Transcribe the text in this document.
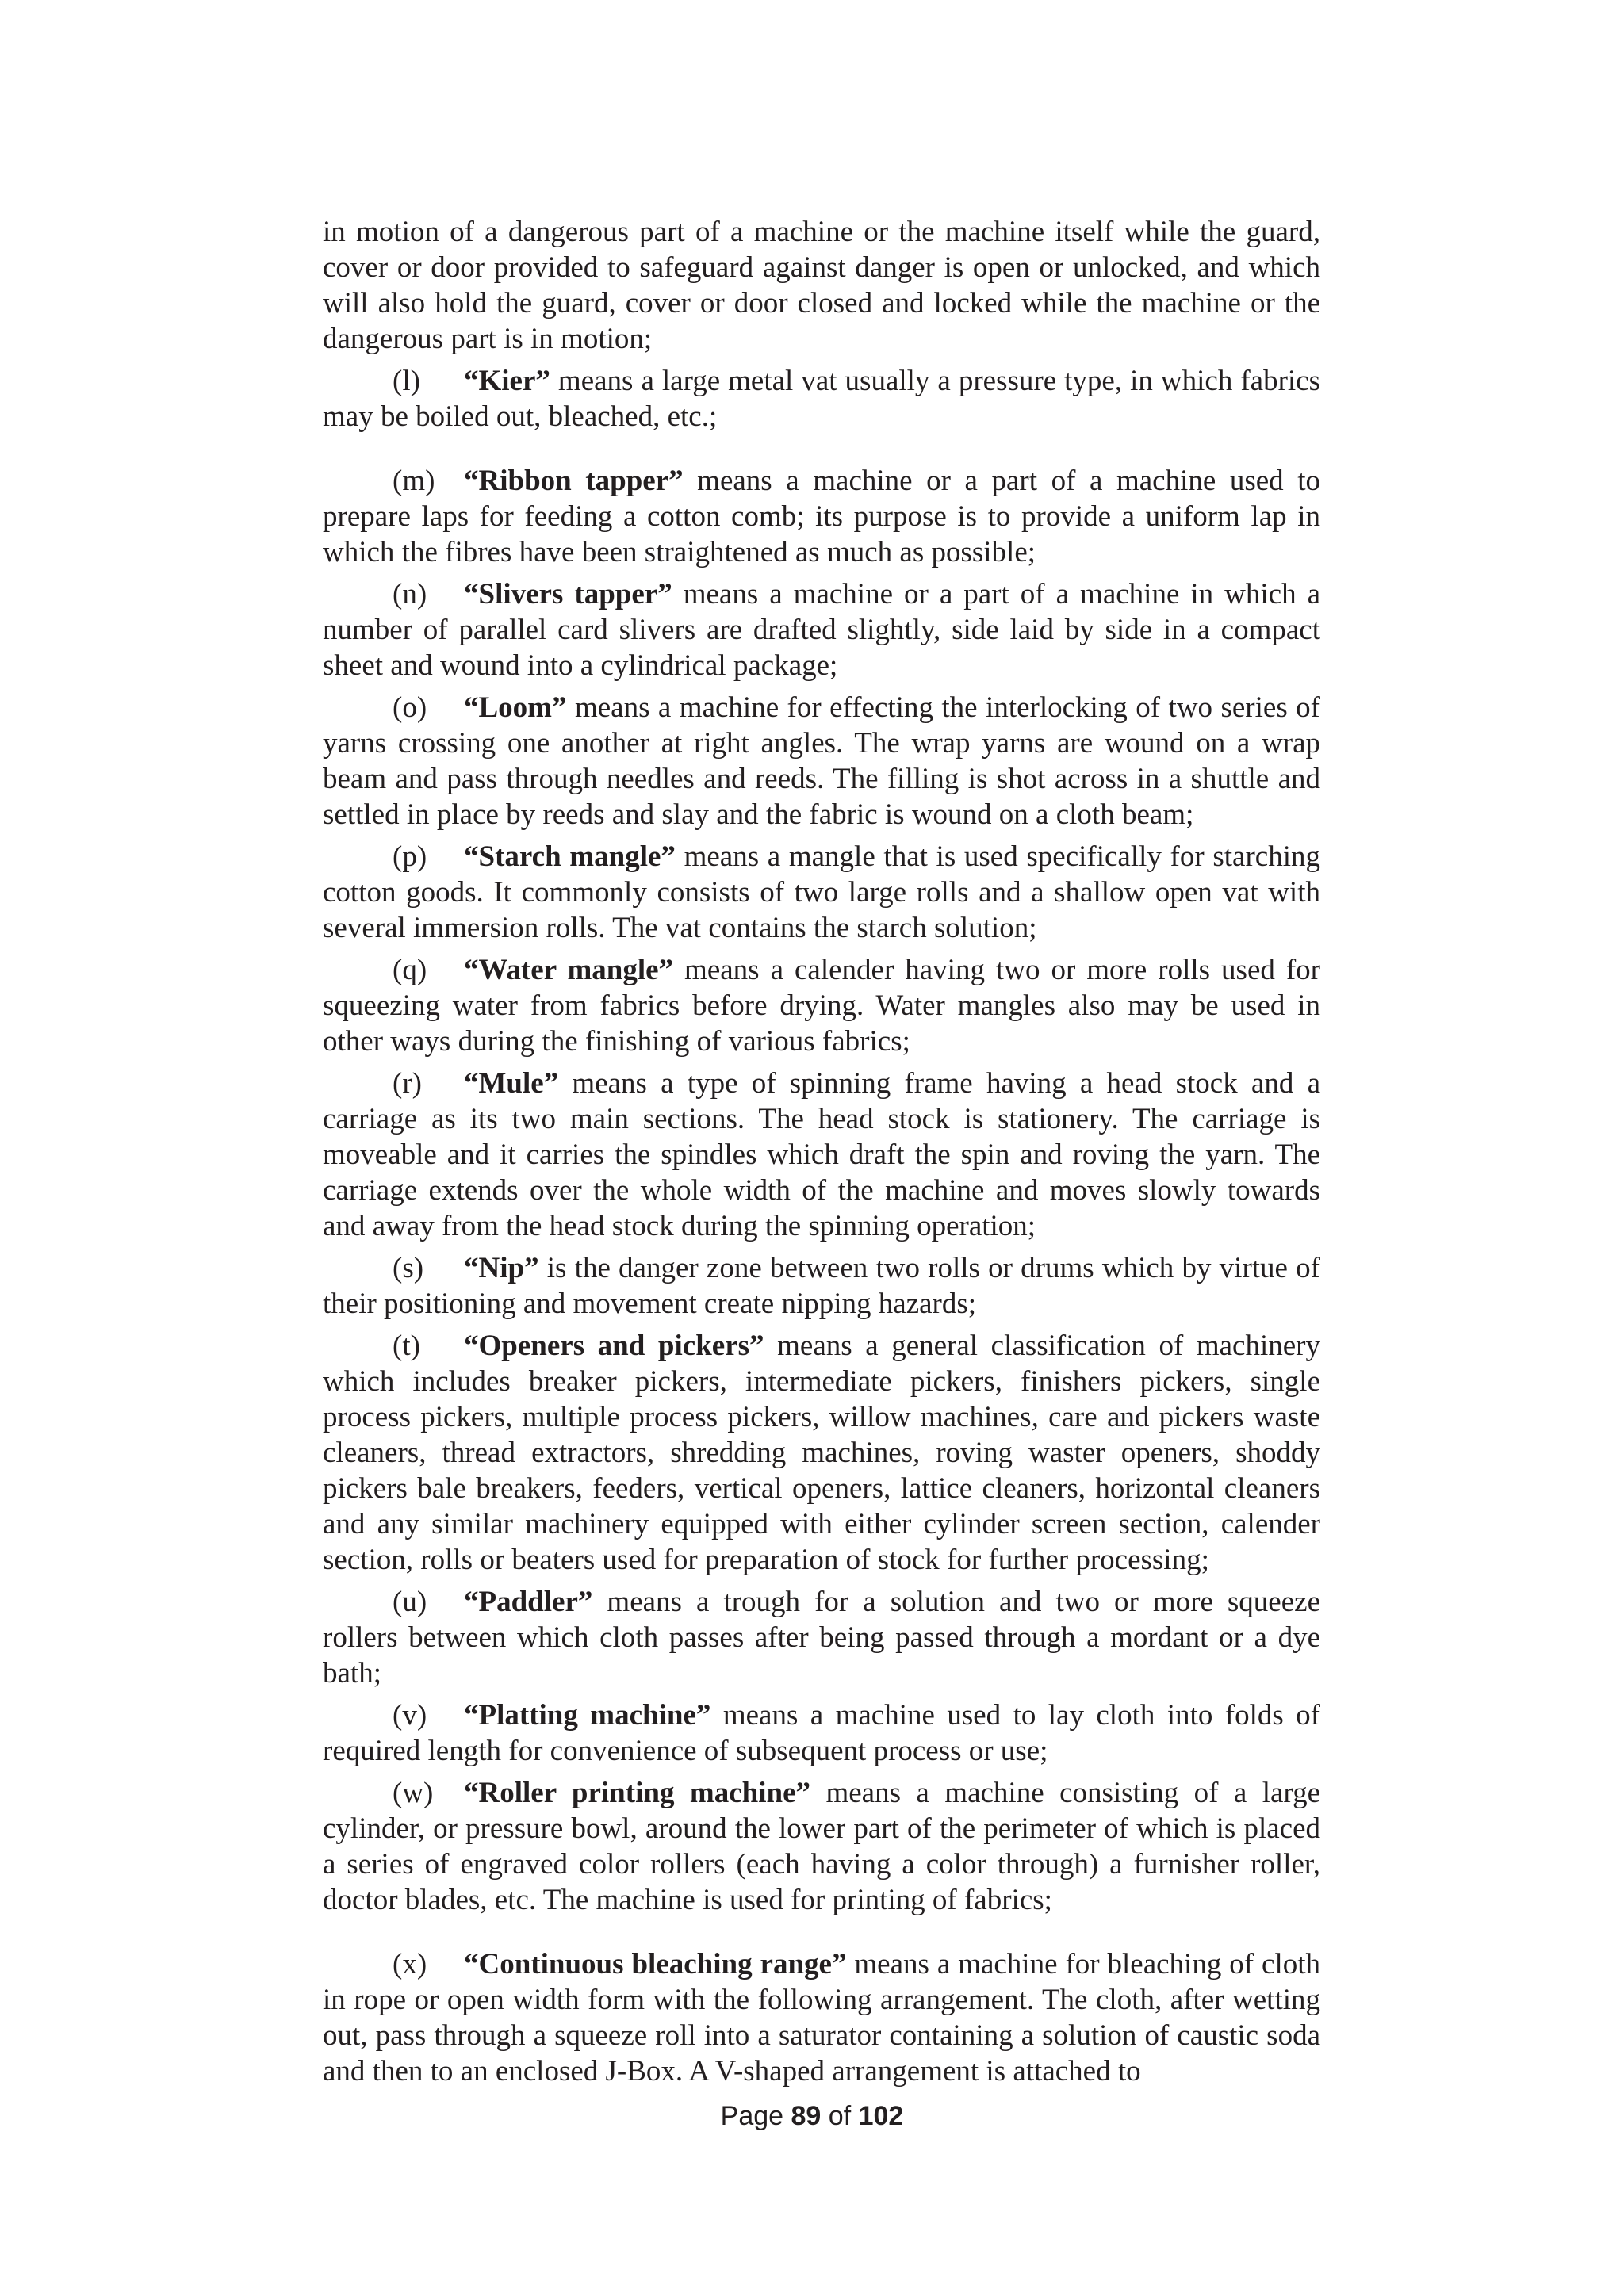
in motion of a dangerous part of a machine or the machine itself while the guard, cover or door provided to safeguard against danger is open or unlocked, and which will also hold the guard, cover or door closed and locked while the machine or the dangerous part is in motion;

(l) “Kier” means a large metal vat usually a pressure type, in which fabrics may be boiled out, bleached, etc.;

(m) “Ribbon tapper” means a machine or a part of a machine used to prepare laps for feeding a cotton comb; its purpose is to provide a uniform lap in which the fibres have been straightened as much as possible;

(n) “Slivers tapper” means a machine or a part of a machine in which a number of parallel card slivers are drafted slightly, side laid by side in a compact sheet and wound into a cylindrical package;

(o) “Loom” means a machine for effecting the interlocking of two series of yarns crossing one another at right angles. The wrap yarns are wound on a wrap beam and pass through needles and reeds. The filling is shot across in a shuttle and settled in place by reeds and slay and the fabric is wound on a cloth beam;

(p) “Starch mangle” means a mangle that is used specifically for starching cotton goods. It commonly consists of two large rolls and a shallow open vat with several immersion rolls. The vat contains the starch solution;

(q) “Water mangle” means a calender having two or more rolls used for squeezing water from fabrics before drying. Water mangles also may be used in other ways during the finishing of various fabrics;

(r) “Mule” means a type of spinning frame having a head stock and a carriage as its two main sections. The head stock is stationery. The carriage is moveable and it carries the spindles which draft the spin and roving the yarn. The carriage extends over the whole width of the machine and moves slowly towards and away from the head stock during the spinning operation;

(s) “Nip” is the danger zone between two rolls or drums which by virtue of their positioning and movement create nipping hazards;

(t) “Openers and pickers” means a general classification of machinery which includes breaker pickers, intermediate pickers, finishers pickers, single process pickers, multiple process pickers, willow machines, care and pickers waste cleaners, thread extractors, shredding machines, roving waster openers, shoddy pickers bale breakers, feeders, vertical openers, lattice cleaners, horizontal cleaners and any similar machinery equipped with either cylinder screen section, calender section, rolls or beaters used for preparation of stock for further processing;

(u) “Paddler” means a trough for a solution and two or more squeeze rollers between which cloth passes after being passed through a mordant or a dye bath;

(v) “Platting machine” means a machine used to lay cloth into folds of required length for convenience of subsequent process or use;

(w) “Roller printing machine” means a machine consisting of a large cylinder, or pressure bowl, around the lower part of the perimeter of which is placed a series of engraved color rollers (each having a color through) a furnisher roller, doctor blades, etc. The machine is used for printing of fabrics;

(x) “Continuous bleaching range” means a machine for bleaching of cloth in rope or open width form with the following arrangement. The cloth, after wetting out, pass through a squeeze roll into a saturator containing a solution of caustic soda and then to an enclosed J-Box. A V-shaped arrangement is attached to

Page 89 of 102
